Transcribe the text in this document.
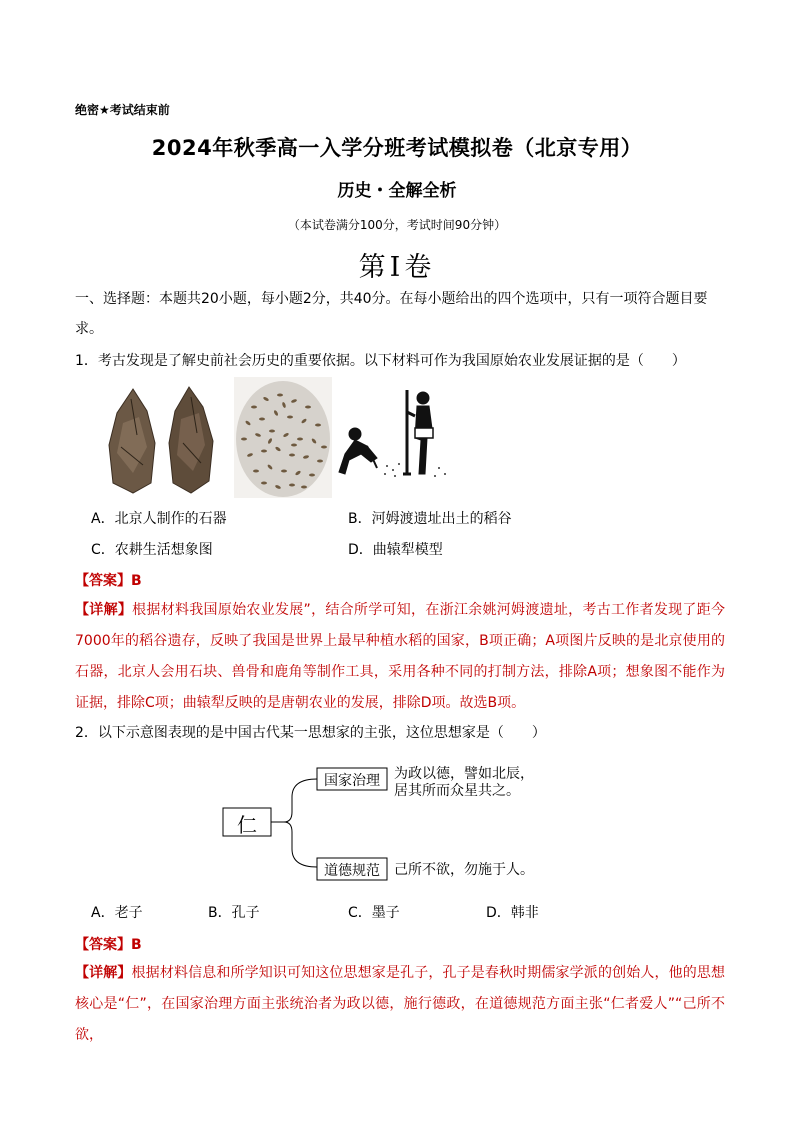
绝密★考试结束前
2024年秋季高一入学分班考试模拟卷（北京专用）
历史・全解全析
（本试卷满分100分，考试时间90分钟）
第Ⅰ卷
一、选择题：本题共20小题，每小题2分，共40分。在每小题给出的四个选项中，只有一项符合题目要求。
1．考古发现是了解史前社会历史的重要依据。以下材料可作为我国原始农业发展证据的是（　　）
A．北京人制作的石器	B．河姆渡遗址出土的稻谷
C．农耕生活想象图	D．曲辕犁模型
【答案】B
【详解】根据材料我国原始农业发展”，结合所学可知，在浙江余姚河姆渡遗址，考古工作者发现了距今7000年的稻谷遗存，反映了我国是世界上最早种植水稻的国家，B项正确；A项图片反映的是北京使用的石器，北京人会用石块、兽骨和鹿角等制作工具，采用各种不同的打制方法，排除A项；想象图不能作为证据，排除C项；曲辕犁反映的是唐朝农业的发展，排除D项。故选B项。
2．以下示意图表现的是中国古代某一思想家的主张，这位思想家是（　　）
仁
国家治理	为政以德，譬如北辰，
居其所而众星共之。
道德规范	己所不欲，勿施于人。
A．老子	B．孔子	C．墨子	D．韩非
【答案】B
【详解】根据材料信息和所学知识可知这位思想家是孔子，孔子是春秋时期儒家学派的创始人，他的思想核心是“仁”，在国家治理方面主张统治者为政以德，施行德政，在道德规范方面主张“仁者爱人”“己所不欲，
